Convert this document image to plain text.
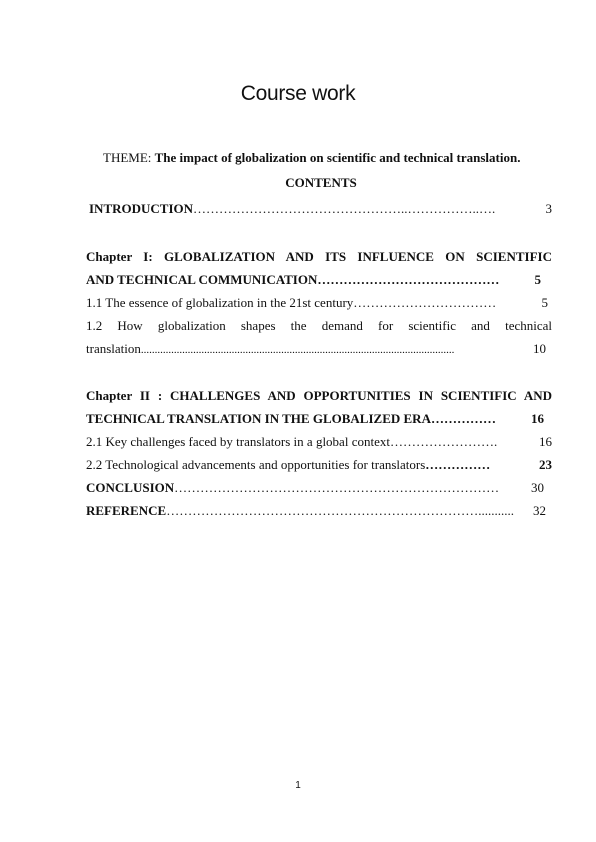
Course work
THEME: The impact of globalization on scientific and technical translation.
CONTENTS
INTRODUCTION …………………………………………..……………..….	3
Chapter I: GLOBALIZATION AND ITS INFLUENCE ON SCIENTIFIC
AND TECHNICAL COMMUNICATION ……………………………………	5
1.1 The essence of globalization in the 21st century ……………………………	5
1.2 How globalization shapes the demand for scientific and technical
translation ..................................................................................................................	10
Chapter II : CHALLENGES AND OPPORTUNITIES IN SCIENTIFIC AND
TECHNICAL TRANSLATION IN THE GLOBALIZED ERA ……………	16
2.1 Key challenges faced by translators in a global context …………………….	16
2.2 Technological advancements and opportunities for translators ……………	23
CONCLUSION …………………………………………………………………	30
REFERENCE ………………………………………………………………...........	32
1
